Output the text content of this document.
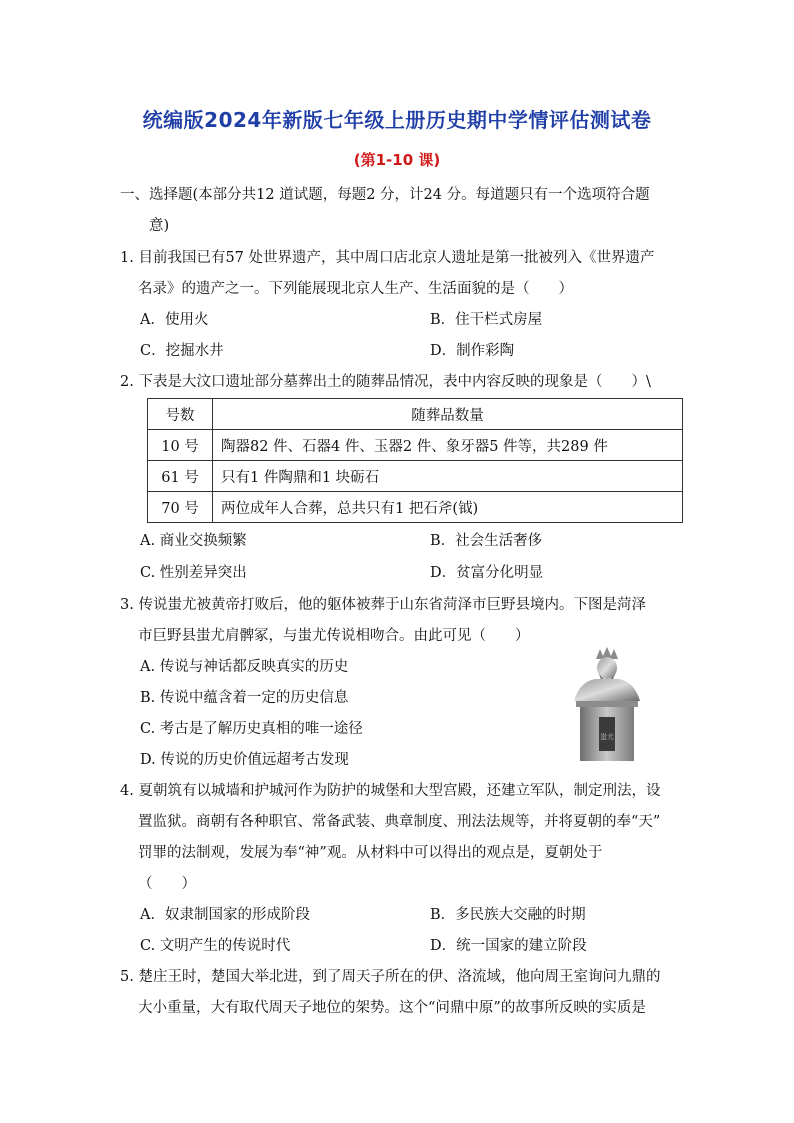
统编版2024年新版七年级上册历史期中学情评估测试卷
(第1-10 课)
一、选择题(本部分共12 道试题，每题2 分，计24 分。每道题只有一个选项符合题
意)
1. 目前我国已有57 处世界遗产，其中周口店北京人遗址是第一批被列入《世界遗产
名录》的遗产之一。下列能展现北京人生产、生活面貌的是（　　）
A．使用火	B．住干栏式房屋
C．挖掘水井	D．制作彩陶
2. 下表是大汶口遗址部分墓葬出土的随葬品情况，表中内容反映的现象是（　　）\
号数	随葬品数量
10 号	陶器82 件、石器4 件、玉器2 件、象牙器5 件等，共289 件
61 号	只有1 件陶鼎和1 块砺石
70 号	两位成年人合葬，总共只有1 把石斧(钺)
A. 商业交换频繁	B．社会生活奢侈
C. 性别差异突出	D．贫富分化明显
3. 传说蚩尤被黄帝打败后，他的躯体被葬于山东省菏泽市巨野县境内。下图是菏泽
市巨野县蚩尤肩髀冢，与蚩尤传说相吻合。由此可见（　　）
A. 传说与神话都反映真实的历史
B. 传说中蕴含着一定的历史信息
C. 考古是了解历史真相的唯一途径
D. 传说的历史价值远超考古发现
蚩尤
4. 夏朝筑有以城墙和护城河作为防护的城堡和大型宫殿，还建立军队，制定刑法，设
置监狱。商朝有各种职官、常备武装、典章制度、刑法法规等，并将夏朝的奉“天”
罚罪的法制观，发展为奉“神”观。从材料中可以得出的观点是，夏朝处于
（　　）
A．奴隶制国家的形成阶段	B．多民族大交融的时期
C. 文明产生的传说时代	D．统一国家的建立阶段
5. 楚庄王时，楚国大举北进，到了周天子所在的伊、洛流域，他向周王室询问九鼎的
大小重量，大有取代周天子地位的架势。这个“问鼎中原”的故事所反映的实质是
